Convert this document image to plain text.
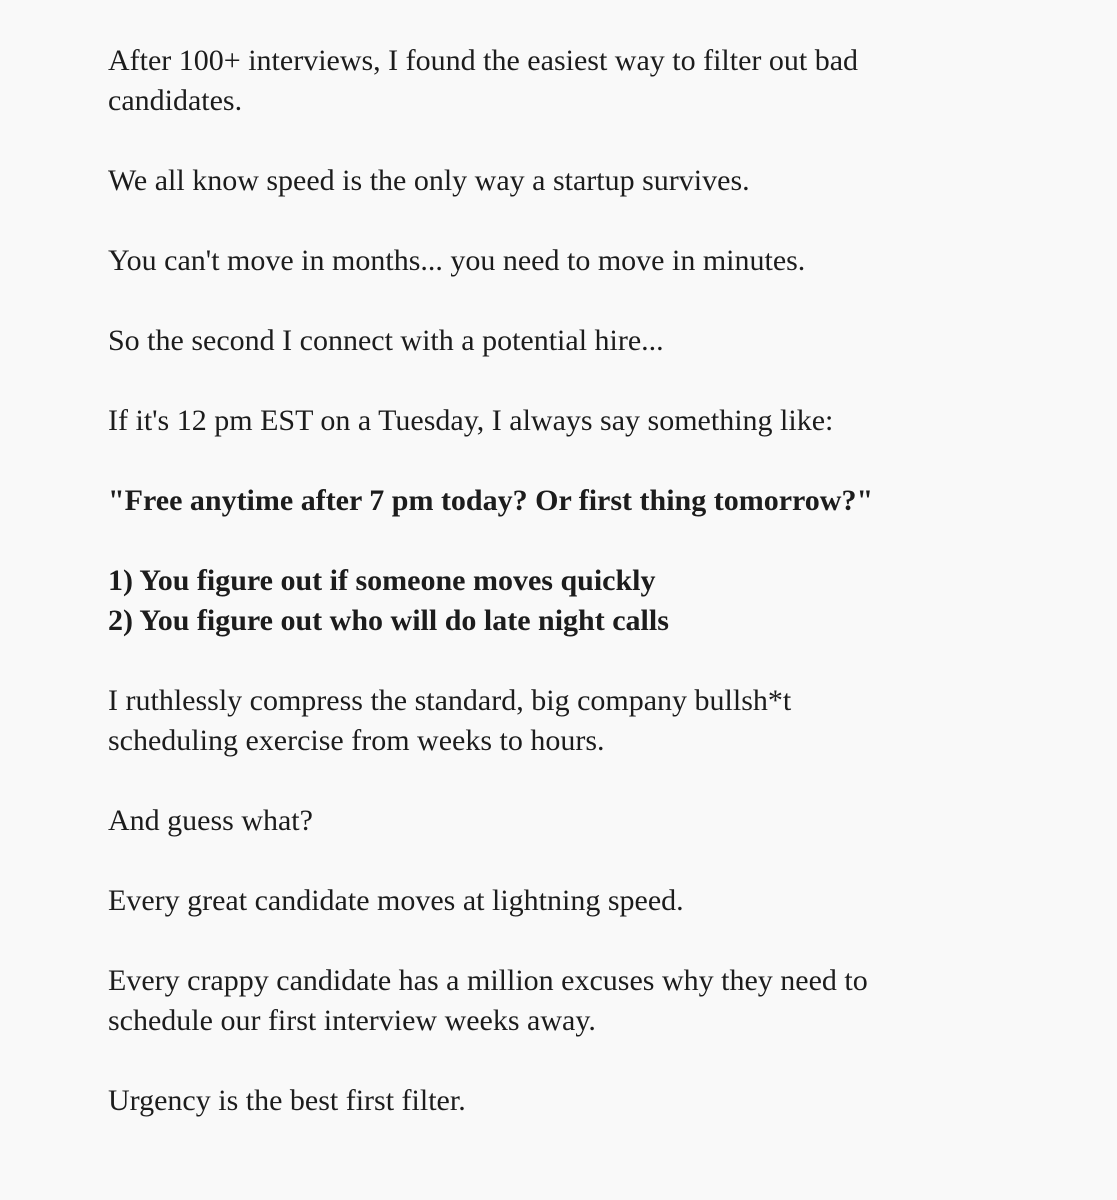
After 100+ interviews, I found the easiest way to filter out bad
candidates.

We all know speed is the only way a startup survives.

You can't move in months... you need to move in minutes.

So the second I connect with a potential hire...

If it's 12 pm EST on a Tuesday, I always say something like:

"Free anytime after 7 pm today? Or first thing tomorrow?"

1) You figure out if someone moves quickly
2) You figure out who will do late night calls

I ruthlessly compress the standard, big company bullsh*t
scheduling exercise from weeks to hours.

And guess what?

Every great candidate moves at lightning speed.

Every crappy candidate has a million excuses why they need to
schedule our first interview weeks away.

Urgency is the best first filter.
